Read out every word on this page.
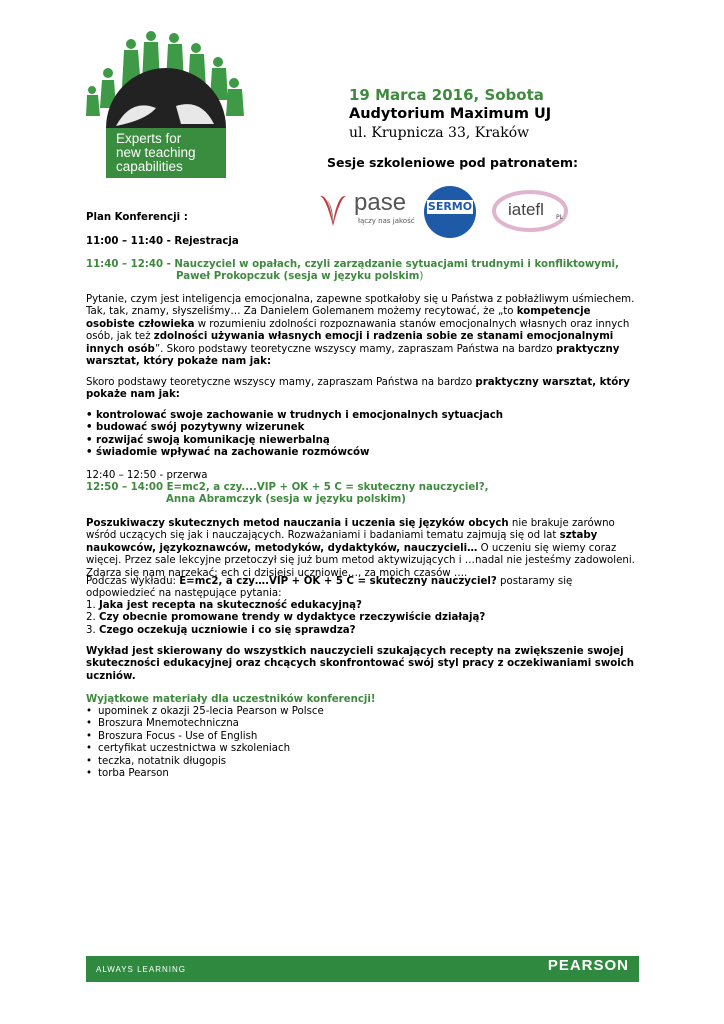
Experts for
new teaching
capabilities
19 Marca 2016, Sobota
Audytorium Maximum UJ
ul. Krupnicza 33, Kraków
Sesje szkoleniowe pod patronatem:
pase
łączy nas jakość
SERMO iatefl PL
Plan Konferencji :
11:00 – 11:40 - Rejestracja
11:40 – 12:40 - Nauczyciel w opałach, czyli zarządzanie sytuacjami trudnymi i konfliktowymi,
Paweł Prokopczuk (sesja w języku polskim)

Pytanie, czym jest inteligencja emocjonalna, zapewne spotkałoby się u Państwa z pobłażliwym uśmiechem. Tak, tak, znamy, słyszeliśmy… Za Danielem Golemanem możemy recytować, że „to kompetencje osobiste człowieka w rozumieniu zdolności rozpoznawania stanów emocjonalnych własnych oraz innych osób, jak też zdolności używania własnych emocji i radzenia sobie ze stanami emocjonalnymi innych osób”. Skoro podstawy teoretyczne wszyscy mamy, zapraszam Państwa na bardzo praktyczny warsztat, który pokaże nam jak:

Skoro podstawy teoretyczne wszyscy mamy, zapraszam Państwa na bardzo praktyczny warsztat, który pokaże nam jak:

• kontrolować swoje zachowanie w trudnych i emocjonalnych sytuacjach
• budować swój pozytywny wizerunek
• rozwijać swoją komunikację niewerbalną
• świadomie wpływać na zachowanie rozmówców
12:40 – 12:50 - przerwa
12:50 – 14:00 E=mc2, a czy....VIP + OK + 5 C = skuteczny nauczyciel?,
Anna Abramczyk (sesja w języku polskim)

Poszukiwaczy skutecznych metod nauczania i uczenia się języków obcych nie brakuje zarówno wśród uczących się jak i nauczających. Rozważaniami i badaniami tematu zajmują się od lat sztaby naukowców, językoznawców, metodyków, dydaktyków, nauczycieli… O uczeniu się wiemy coraz więcej. Przez sale lekcyjne przetoczył się już bum metod aktywizujących i …nadal nie jesteśmy zadowoleni. Zdarza się nam narzekać: ech ci dzisiejsi uczniowie…, za moich czasów ….

Podczas wykładu: E=mc2, a czy….VIP + OK + 5 C = skuteczny nauczyciel? postaramy się odpowiedzieć na następujące pytania:

1. Jaka jest recepta na skuteczność edukacyjną?
2. Czy obecnie promowane trendy w dydaktyce rzeczywiście działają?
3. Czego oczekują uczniowie i co się sprawdza?

Wykład jest skierowany do wszystkich nauczycieli szukających recepty na zwiększenie swojej skuteczności edukacyjnej oraz chcących skonfrontować swój styl pracy z oczekiwaniami swoich uczniów.

Wyjątkowe materiały dla uczestników konferencji!
• upominek z okazji 25-lecia Pearson w Polsce
• Broszura Mnemotechniczna
• Broszura Focus - Use of English
• certyfikat uczestnictwa w szkoleniach
• teczka, notatnik długopis
• torba Pearson
ALWAYS LEARNING	PEARSON
